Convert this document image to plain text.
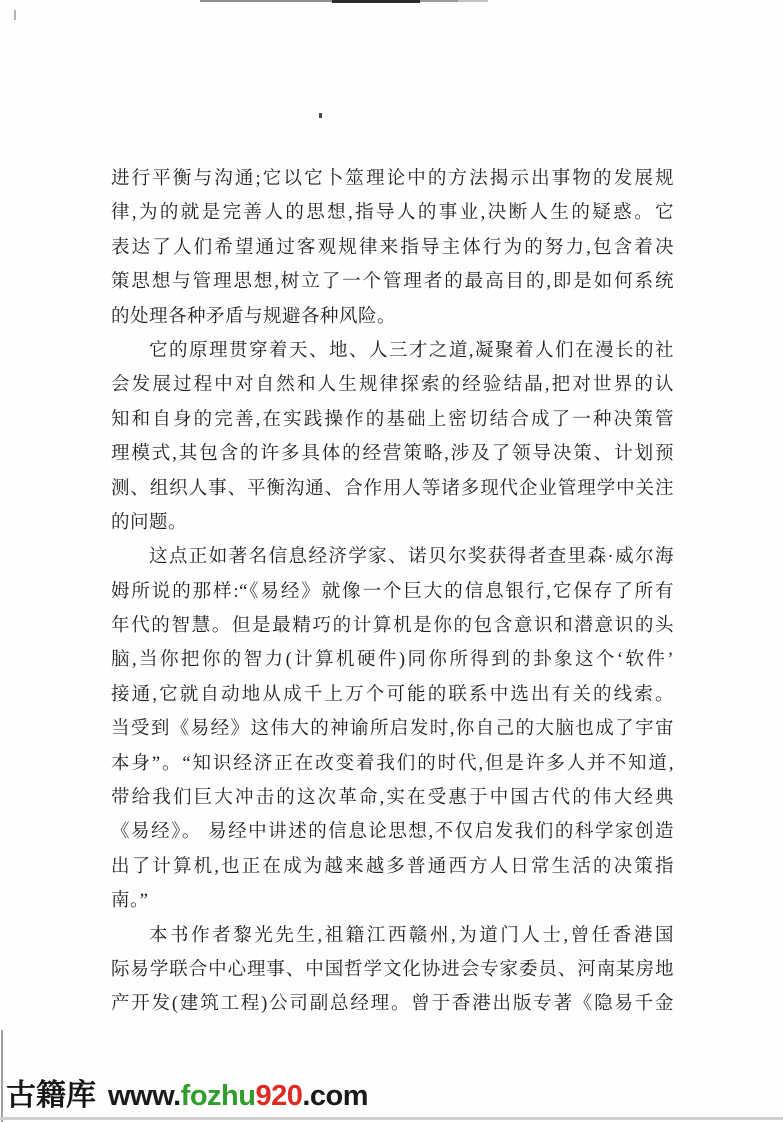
进行平衡与沟通;它以它卜筮理论中的方法揭示出事物的发展规
律,为的就是完善人的思想,指导人的事业,决断人生的疑惑。它
表达了人们希望通过客观规律来指导主体行为的努力,包含着决
策思想与管理思想,树立了一个管理者的最高目的,即是如何系统
的处理各种矛盾与规避各种风险。
它的原理贯穿着天、地、人三才之道,凝聚着人们在漫长的社
会发展过程中对自然和人生规律探索的经验结晶,把对世界的认
知和自身的完善,在实践操作的基础上密切结合成了一种决策管
理模式,其包含的许多具体的经营策略,涉及了领导决策、计划预
测、组织人事、平衡沟通、合作用人等诸多现代企业管理学中关注
的问题。
这点正如著名信息经济学家、诺贝尔奖获得者查里森·威尔海
姆所说的那样:“《易经》就像一个巨大的信息银行,它保存了所有
年代的智慧。但是最精巧的计算机是你的包含意识和潜意识的头
脑,当你把你的智力(计算机硬件)同你所得到的卦象这个‘软件’
接通,它就自动地从成千上万个可能的联系中选出有关的线索。
当受到《易经》这伟大的神谕所启发时,你自己的大脑也成了宇宙
本身”。“知识经济正在改变着我们的时代,但是许多人并不知道,
带给我们巨大冲击的这次革命,实在受惠于中国古代的伟大经典
《易经》。 易经中讲述的信息论思想,不仅启发我们的科学家创造
出了计算机,也正在成为越来越多普通西方人日常生活的决策指
南。”
本书作者黎光先生,祖籍江西赣州,为道门人士,曾任香港国
际易学联合中心理事、中国哲学文化协进会专家委员、河南某房地
产开发(建筑工程)公司副总经理。曾于香港出版专著《隐易千金
古籍库 www.fozhu920.com
